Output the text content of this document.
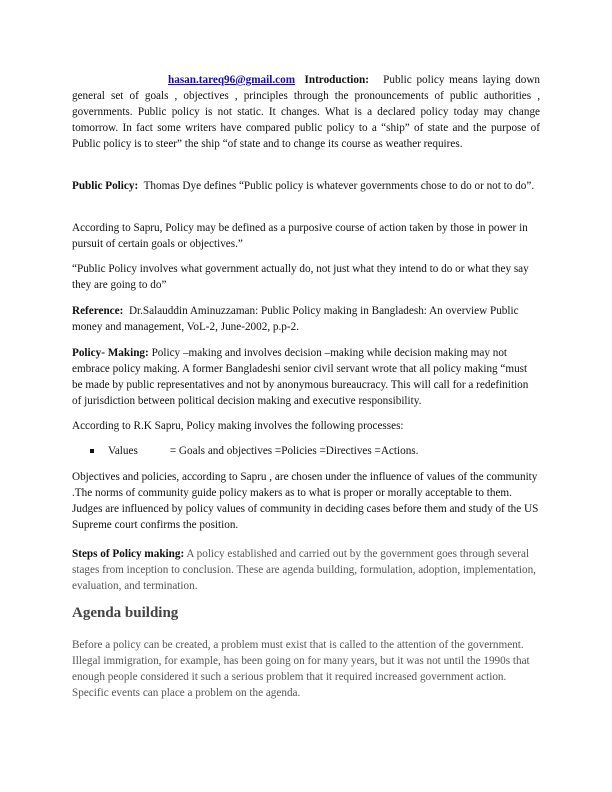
hasan.tareq96@gmail.com Introduction: Public policy means laying down general set of goals , objectives , principles through the pronouncements of public authorities , governments. Public policy is not static. It changes. What is a declared policy today may change tomorrow. In fact some writers have compared public policy to a “ship” of state and the purpose of Public policy is to steer” the ship “of state and to change its course as weather requires.

Public Policy: Thomas Dye defines “Public policy is whatever governments chose to do or not to do”.

According to Sapru, Policy may be defined as a purposive course of action taken by those in power in pursuit of certain goals or objectives.”

“Public Policy involves what government actually do, not just what they intend to do or what they say they are going to do”

Reference: Dr.Salauddin Aminuzzaman: Public Policy making in Bangladesh: An overview Public money and management, VoL-2, June-2002, p.p-2.

Policy- Making: Policy –making and involves decision –making while decision making may not embrace policy making. A former Bangladeshi senior civil servant wrote that all policy making “must be made by public representatives and not by anonymous bureaucracy. This will call for a redefinition of jurisdiction between political decision making and executive responsibility.

According to R.K Sapru, Policy making involves the following processes:

Values	= Goals and objectives =Policies =Directives =Actions.

Objectives and policies, according to Sapru , are chosen under the influence of values of the community .The norms of community guide policy makers as to what is proper or morally acceptable to them. Judges are influenced by policy values of community in deciding cases before them and study of the US Supreme court confirms the position.

Steps of Policy making: A policy established and carried out by the government goes through several stages from inception to conclusion. These are agenda building, formulation, adoption, implementation, evaluation, and termination.

Agenda building

Before a policy can be created, a problem must exist that is called to the attention of the government. Illegal immigration, for example, has been going on for many years, but it was not until the 1990s that enough people considered it such a serious problem that it required increased government action. Specific events can place a problem on the agenda.
